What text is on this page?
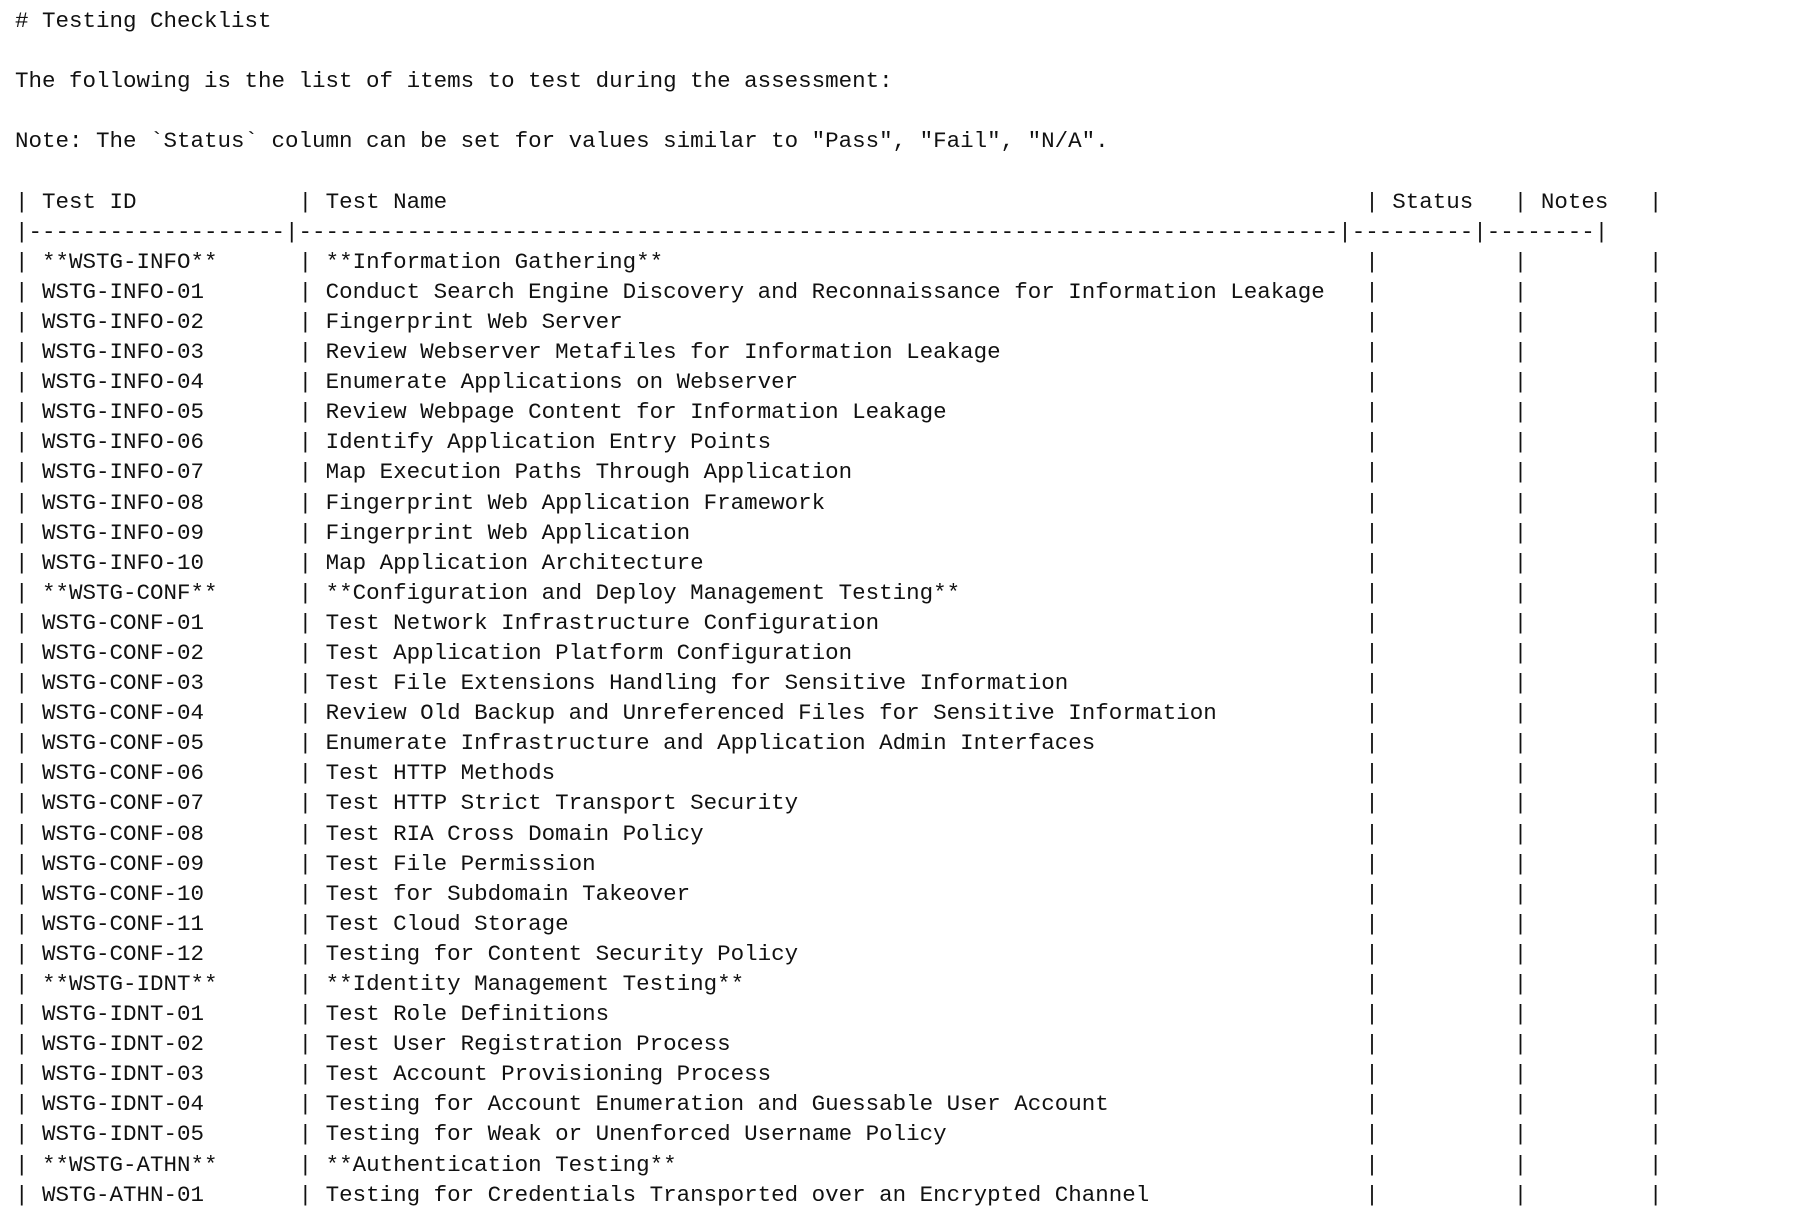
# Testing Checklist
The following is the list of items to test during the assessment:
Note: The `Status` column can be set for values similar to "Pass", "Fail", "N/A".
| Test ID            | Test Name                                                                    | Status   | Notes   |
|-------------------|-----------------------------------------------------------------------------|---------|--------|
| **WSTG-INFO**      | **Information Gathering**                                                    |	|	|
| WSTG-INFO-01       | Conduct Search Engine Discovery and Reconnaissance for Information Leakage   |	|	|
| WSTG-INFO-02       | Fingerprint Web Server                                                       |	|	|
| WSTG-INFO-03       | Review Webserver Metafiles for Information Leakage                           |	|	|
| WSTG-INFO-04       | Enumerate Applications on Webserver                                          |	|	|
| WSTG-INFO-05       | Review Webpage Content for Information Leakage                               |	|	|
| WSTG-INFO-06       | Identify Application Entry Points                                            |	|	|
| WSTG-INFO-07       | Map Execution Paths Through Application                                      |	|	|
| WSTG-INFO-08       | Fingerprint Web Application Framework                                        |	|	|
| WSTG-INFO-09       | Fingerprint Web Application                                                  |	|	|
| WSTG-INFO-10       | Map Application Architecture                                                 |	|	|
| **WSTG-CONF**      | **Configuration and Deploy Management Testing**                              |	|	|
| WSTG-CONF-01       | Test Network Infrastructure Configuration                                    |	|	|
| WSTG-CONF-02       | Test Application Platform Configuration                                      |	|	|
| WSTG-CONF-03       | Test File Extensions Handling for Sensitive Information                      |	|	|
| WSTG-CONF-04       | Review Old Backup and Unreferenced Files for Sensitive Information           |	|	|
| WSTG-CONF-05       | Enumerate Infrastructure and Application Admin Interfaces                    |	|	|
| WSTG-CONF-06       | Test HTTP Methods                                                            |	|	|
| WSTG-CONF-07       | Test HTTP Strict Transport Security                                          |	|	|
| WSTG-CONF-08       | Test RIA Cross Domain Policy                                                 |	|	|
| WSTG-CONF-09       | Test File Permission                                                         |	|	|
| WSTG-CONF-10       | Test for Subdomain Takeover                                                  |	|	|
| WSTG-CONF-11       | Test Cloud Storage                                                           |	|	|
| WSTG-CONF-12       | Testing for Content Security Policy                                          |	|	|
| **WSTG-IDNT**      | **Identity Management Testing**                                              |	|	|
| WSTG-IDNT-01       | Test Role Definitions                                                        |	|	|
| WSTG-IDNT-02       | Test User Registration Process                                               |	|	|
| WSTG-IDNT-03       | Test Account Provisioning Process                                            |	|	|
| WSTG-IDNT-04       | Testing for Account Enumeration and Guessable User Account                   |	|	|
| WSTG-IDNT-05       | Testing for Weak or Unenforced Username Policy                               |	|	|
| **WSTG-ATHN**      | **Authentication Testing**                                                   |	|	|
| WSTG-ATHN-01       | Testing for Credentials Transported over an Encrypted Channel                |	|	|
